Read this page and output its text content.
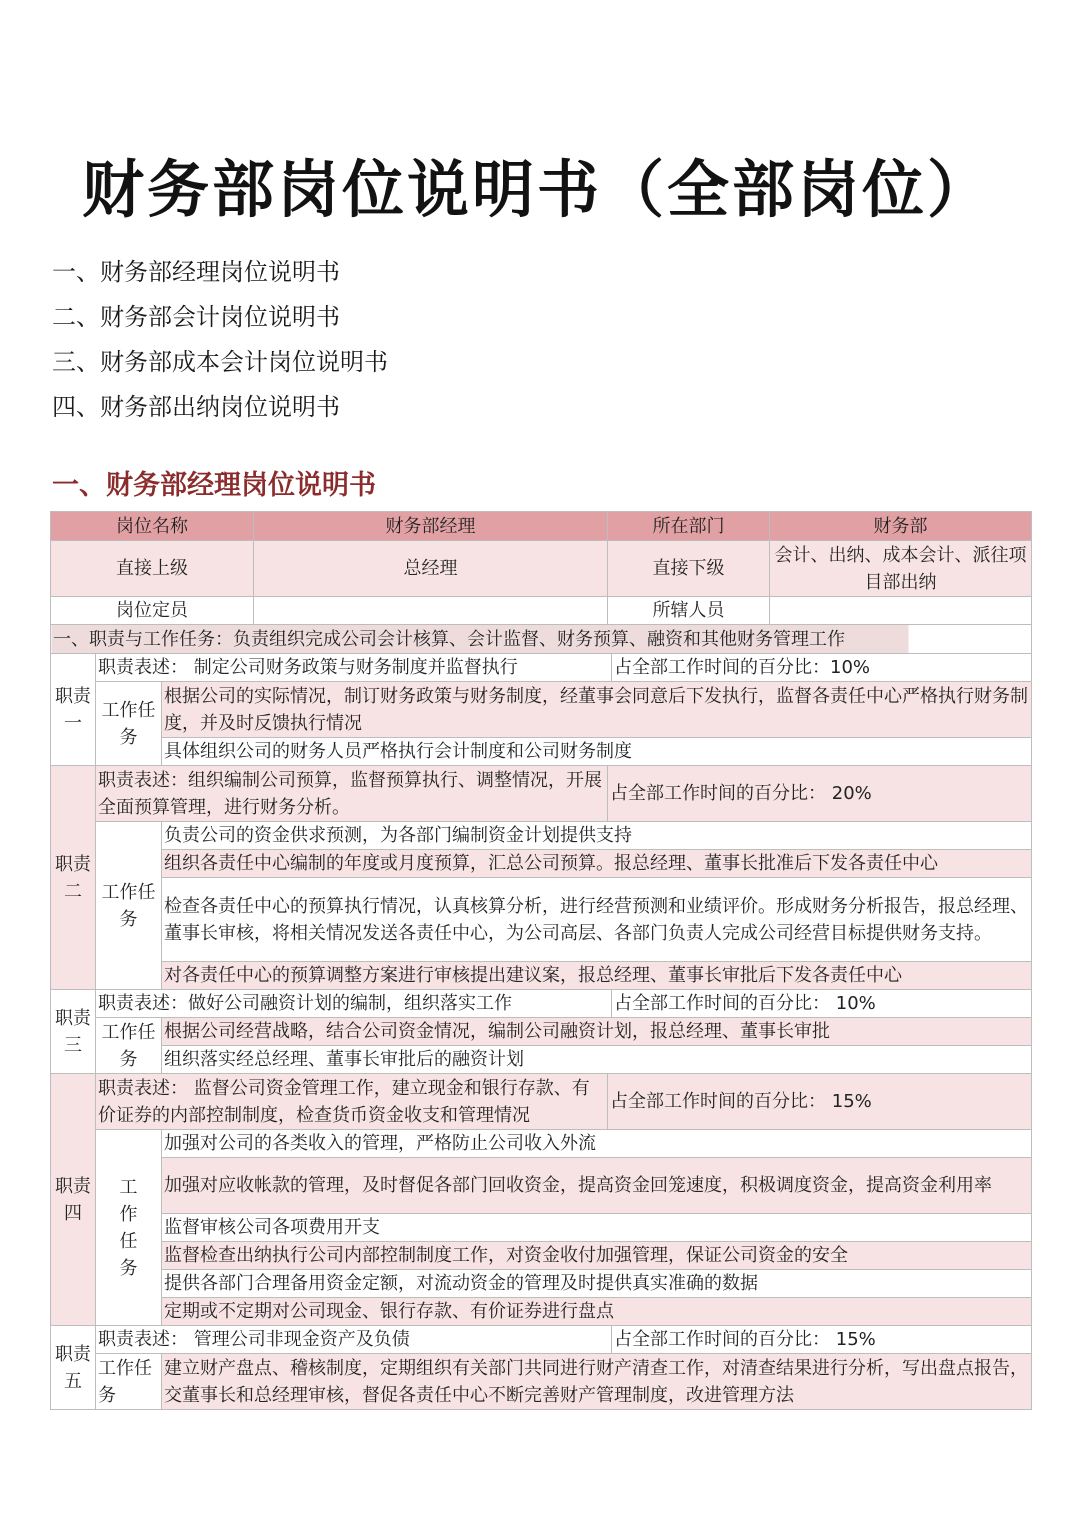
财务部岗位说明书（全部岗位）
一、财务部经理岗位说明书
二、财务部会计岗位说明书
三、财务部成本会计岗位说明书
四、财务部出纳岗位说明书
一、财务部经理岗位说明书
岗位名称			财务部经理	所在部门		财务部
直接上级			总经理	直接下级		会计、出纳、成本会计、派往项目部出纳
岗位定员				所辖人员		
一、职责与工作任务：负责组织完成公司会计核算、会计监督、财务预算、融资和其他财务管理工作						
职责一	职责表述： 制定公司财务政策与财务制度并监督执行				占全部工作时间的百分比：10%	
	工作任务	根据公司的实际情况，制订财务政策与财务制度，经董事会同意后下发执行，监督各责任中心严格执行财务制度，并及时反馈执行情况				
		具体组织公司的财务人员严格执行会计制度和公司财务制度				
职责二	职责表述：组织编制公司预算，监督预算执行、调整情况，开展全面预算管理，进行财务分析。			占全部工作时间的百分比： 20%		
	工作任务	负责公司的资金供求预测，为各部门编制资金计划提供支持				
		组织各责任中心编制的年度或月度预算，汇总公司预算。报总经理、董事长批准后下发各责任中心				
		检查各责任中心的预算执行情况，认真核算分析，进行经营预测和业绩评价。形成财务分析报告，报总经理、董事长审核，将相关情况发送各责任中心，为公司高层、各部门负责人完成公司经营目标提供财务支持。				
		对各责任中心的预算调整方案进行审核提出建议案，报总经理、董事长审批后下发各责任中心				
职责三	职责表述：做好公司融资计划的编制，组织落实工作				占全部工作时间的百分比： 10%	
	工作任务	根据公司经营战略，结合公司资金情况，编制公司融资计划，报总经理、董事长审批				
		组织落实经总经理、董事长审批后的融资计划				
职责四	职责表述： 监督公司资金管理工作，建立现金和银行存款、有价证券的内部控制制度，检查货币资金收支和管理情况			占全部工作时间的百分比： 15%		
	工作任务	加强对公司的各类收入的管理，严格防止公司收入外流				
		加强对应收帐款的管理，及时督促各部门回收资金，提高资金回笼速度，积极调度资金，提高资金利用率				
		监督审核公司各项费用开支				
		监督检查出纳执行公司内部控制制度工作，对资金收付加强管理，保证公司资金的安全				
		提供各部门合理备用资金定额，对流动资金的管理及时提供真实准确的数据				
		定期或不定期对公司现金、银行存款、有价证券进行盘点				
职责五	职责表述： 管理公司非现金资产及负债				占全部工作时间的百分比： 15%	
	工作任务	建立财产盘点、稽核制度，定期组织有关部门共同进行财产清查工作，对清查结果进行分析，写出盘点报告，交董事长和总经理审核，督促各责任中心不断完善财产管理制度，改进管理方法				
